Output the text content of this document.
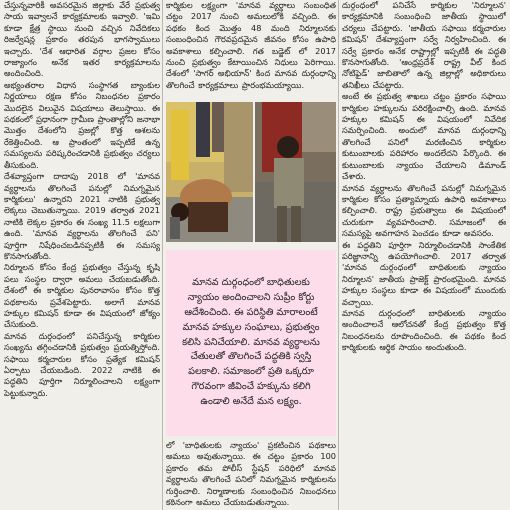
చేస్తున్నవారికీ అవసరమైన జిల్లాకు వేరే ప్రభుత్వ సాయ ఇవ్వాలనే కార్యక్రమాలకు ఇవ్వాలి. 'ఇమి కూడా క్షేత్ర స్థాయి నుంచి వచ్చిన నివేదికలు రిజర్వేషన్ల ప్రకారం తరపున భాగస్వాములు ఇచ్చారు. 'దేశ ఆధారిత వర్గాల ప్రజల కోసం రాజ్యాంగం అనేక ఇతర కార్యక్రమాలను అందించింది.

అభ్యంతరాల విధాన సంస్థాగత బ్యాంకుల నిర్ణయాలు రక్షణ కోసం నిబంధనల ప్రకారం మొదలైన విలువైన విషయాలు తెలుస్తాయి. ఈ పథకంలో ప్రధానంగా గ్రామీణ ప్రాంతాల్లోని జనాభా మొత్తం దేశంలోని ప్రజల్లో కొత్త ఆశలను రేకెత్తించింది. ఆ ప్రాంతంలో ఇప్పటికే ఉన్న సమస్యలను పరిష్కరించడానికి ప్రభుత్వం చర్యలు తీసుకుంది.

దేశవ్యాప్తంగా దాదాపు 2018 లో 'మానవ వ్యర్థాలను తొలగించే పనుల్లో నిమగ్నమైన కార్మికులు' ఉన్నారని 2021 నాటికి ప్రభుత్వ లెక్కలు చెబుతున్నాయి. 2019 తర్వాత 2021 నాటికి లెక్కల ప్రకారం ఈ సంఖ్య 11.5 లక్షలుగా ఉంది. 'మానవ వ్యర్థాలను తొలగించే పని' పూర్తిగా నిషేధించబడినప్పటికీ ఈ సమస్య కొనసాగుతోంది.

నిర్మూలన కోసం కేంద్ర ప్రభుత్వం చేస్తున్న కృషి పలు సంస్థల ద్వారా అమలు చేయబడుతోంది. దేశంలో ఈ కార్మికుల పునరావాసం కోసం కొత్త పథకాలను ప్రవేశపెట్టారు. అలాగే మానవ హక్కుల కమిషన్ కూడా ఈ విషయంలో జోక్యం చేసుకుంది.

మానవ దుర్గంధంలో పనిచేస్తున్న కార్మికుల సంఖ్యను తగ్గించడానికి ప్రభుత్వం ప్రయత్నిస్తోంది. సఫాయి కర్మచారుల కోసం ప్రత్యేక కమిషన్ ఏర్పాటు చేయబడింది. 2022 నాటికి ఈ పద్ధతిని పూర్తిగా నిర్మూలించాలని లక్ష్యంగా పెట్టుకున్నారు.

కార్మికుల లక్ష్యంగా 'మానవ వ్యర్థాలు సంబంధిత చట్టం 2017 నుంచి అమలులోకి వచ్చింది. ఈ పథకం కింద మొత్తం 48 మంది నిర్మూలనకు సంబంధించిన గౌరవప్రదమైన జీవనం కోసం ఉపాధి అవకాశాలు కల్పించాలి. గత బడ్జెట్ లో 2017 నుంచి ప్రభుత్వం కేటాయించిన నిధులు పెరిగాయి. దేశంలో 'సాగర్ అభియాన్' కింద మానవ దుర్గంధాన్ని తొలగించే కార్యక్రమాలు ప్రారంభమయ్యాయి.
లో 'బాధితులకు న్యాయం' ప్రకటించిన పథకాలు అమలు అవుతున్నాయి. ఈ చట్టం ప్రకారం 100 ప్రకారం తమ పోలీస్ స్టేషన్ పరిధిలో మానవ వ్యర్థాలను తొలగించే పనిలో నిమగ్నమైన కార్మికులను గుర్తించాలి. నిర్మాణాలకు సంబంధించిన నిబంధనలు కఠినంగా అమలు చేయబడుతున్నాయి.
మానవ దుర్గంధంలో బాధితులకు న్యాయం అందించాలని సుప్రీం కోర్టు ఆదేశించింది. ఈ పరిస్థితి మారాలంటే మానవ హక్కుల సంఘాలు, ప్రభుత్వం కలిసి పనిచేయాలి. మానవ వ్యర్థాలను చేతులతో తొలగించే పద్ధతికి స్వస్తి పలకాలి. సమాజంలో ప్రతి ఒక్కరూ గౌరవంగా జీవించే హక్కును కలిగి ఉండాలి అనేదే మన లక్ష్యం.

దుర్గంధంలో పనిచేసే కార్మికుల 'నిర్మూలన' కార్యక్రమానికి సంబంధించి జాతీయ స్థాయిలో చర్యలు చేపట్టారు. 'జాతీయ సఫాయి కర్మచారుల కమిషన్' దేశవ్యాప్తంగా సర్వే నిర్వహించింది. ఈ సర్వే ప్రకారం అనేక రాష్ట్రాల్లో ఇప్పటికీ ఈ పద్ధతి కొనసాగుతోంది. 'ఆంధ్రప్రదేశ్ రాష్ట్ర వీల్ కింద నోటిఫైడ్' జాబితాలో ఉన్న జిల్లాల్లో అధికారులు తనిఖీలు చేపట్టారు.

అంటే ఈ ప్రభుత్వ శాఖలు చట్టం ప్రకారం సఫాయి కార్మికుల హక్కులను పరిరక్షించాల్సి ఉంది. మానవ హక్కుల కమిషన్ ఈ విషయంలో నివేదిక సమర్పించింది. అందులో మానవ దుర్గంధాన్ని తొలగించే పనిలో మరణించిన కార్మికుల కుటుంబాలకు పరిహారం అందలేదని పేర్కొంది. ఈ కుటుంబాలకు న్యాయం చేయాలని డిమాండ్ చేశారు.

మానవ వ్యర్థాలను తొలగించే పనుల్లో నిమగ్నమైన కార్మికుల కోసం ప్రత్యామ్నాయ ఉపాధి అవకాశాలు కల్పించాలి. రాష్ట్ర ప్రభుత్వాలు ఈ విషయంలో చురుకుగా వ్యవహరించాలి. సమాజంలో ఈ సమస్యపై అవగాహన పెంచడం కూడా అవసరం.

ఈ పద్ధతిని పూర్తిగా నిర్మూలించడానికి సాంకేతిక పరిజ్ఞానాన్ని ఉపయోగించాలి. 2017 తర్వాత 'మానవ దుర్గంధంలో బాధితులకు న్యాయం నిర్మూలన' జాతీయ ప్రాజెక్ట్ ప్రారంభమైంది. మానవ హక్కుల సంస్థలు కూడా ఈ విషయంలో ముందుకు వచ్చాయి.

మానవ దుర్గంధంలో బాధితులకు న్యాయం అందించాలనే ఆలోచనతో కేంద్ర ప్రభుత్వం కొత్త నిబంధనలను రూపొందించింది. ఈ పథకం కింద కార్మికులకు ఆర్థిక సాయం అందుతుంది.
